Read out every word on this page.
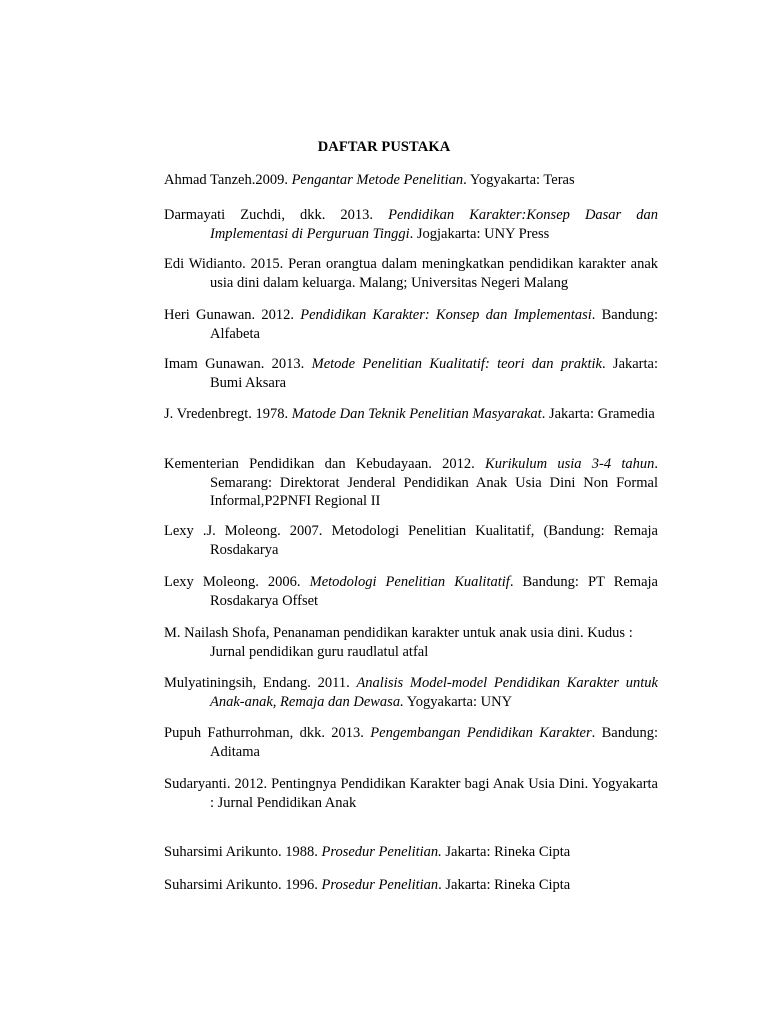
DAFTAR PUSTAKA
Ahmad Tanzeh.2009. Pengantar Metode Penelitian. Yogyakarta: Teras
Darmayati Zuchdi, dkk. 2013. Pendidikan Karakter:Konsep Dasar dan Implementasi di Perguruan Tinggi. Jogjakarta: UNY Press
Edi Widianto. 2015. Peran orangtua dalam meningkatkan pendidikan karakter anak usia dini dalam keluarga. Malang; Universitas Negeri Malang
Heri Gunawan. 2012. Pendidikan Karakter: Konsep dan Implementasi. Bandung: Alfabeta
Imam Gunawan. 2013. Metode Penelitian Kualitatif: teori dan praktik. Jakarta: Bumi Aksara
J. Vredenbregt. 1978. Matode Dan Teknik Penelitian Masyarakat. Jakarta: Gramedia
Kementerian Pendidikan dan Kebudayaan. 2012. Kurikulum usia 3-4 tahun. Semarang: Direktorat Jenderal Pendidikan Anak Usia Dini Non Formal Informal,P2PNFI Regional II
Lexy .J. Moleong. 2007. Metodologi Penelitian Kualitatif, (Bandung: Remaja Rosdakarya
Lexy Moleong. 2006. Metodologi Penelitian Kualitatif. Bandung: PT Remaja Rosdakarya Offset
M. Nailash Shofa, Penanaman pendidikan karakter untuk anak usia dini. Kudus : Jurnal pendidikan guru raudlatul atfal
Mulyatiningsih, Endang. 2011. Analisis Model-model Pendidikan Karakter untuk Anak-anak, Remaja dan Dewasa. Yogyakarta: UNY
Pupuh Fathurrohman, dkk. 2013. Pengembangan Pendidikan Karakter. Bandung: Aditama
Sudaryanti. 2012. Pentingnya Pendidikan Karakter bagi Anak Usia Dini. Yogyakarta : Jurnal Pendidikan Anak
Suharsimi Arikunto. 1988. Prosedur Penelitian. Jakarta: Rineka Cipta
Suharsimi Arikunto. 1996. Prosedur Penelitian. Jakarta: Rineka Cipta
